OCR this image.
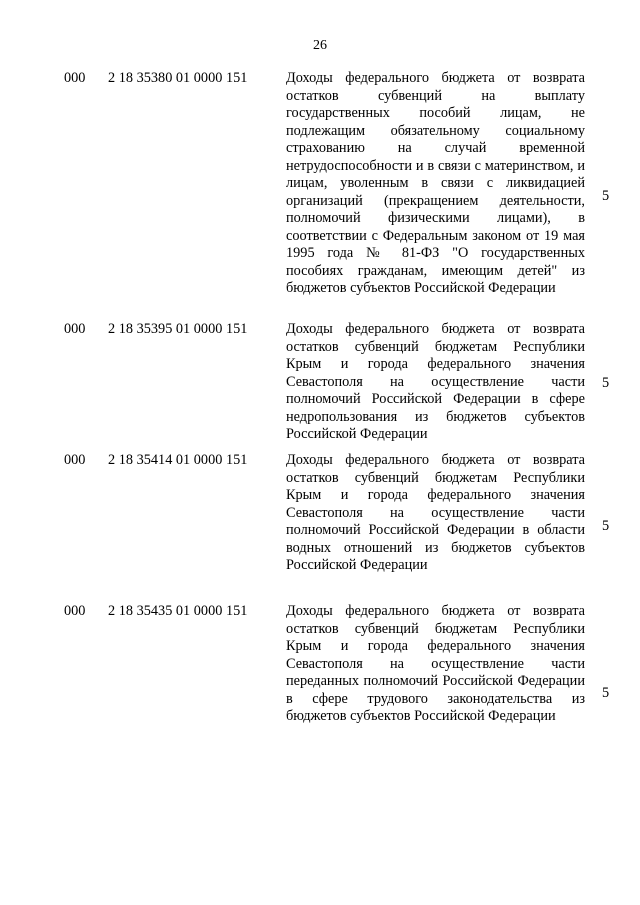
26
000	2 18 35380 01 0000 151	Доходы федерального бюджета от возврата остатков субвенций на выплату государственных пособий лицам, не подлежащим обязательному социальному страхованию на случай временной нетрудоспособности и в связи с материнством, и лицам, уволенным в связи с ликвидацией организаций (прекращением деятельности, полномочий физическими лицами), в соответствии с Федеральным законом от 19 мая 1995 года № 81-ФЗ "О государственных пособиях гражданам, имеющим детей" из бюджетов субъектов Российской Федерации
5
000	2 18 35395 01 0000 151	Доходы федерального бюджета от возврата остатков субвенций бюджетам Республики Крым и города федерального значения Севастополя на осуществление части полномочий Российской Федерации в сфере недропользования из бюджетов субъектов Российской Федерации
5
000	2 18 35414 01 0000 151	Доходы федерального бюджета от возврата остатков субвенций бюджетам Республики Крым и города федерального значения Севастополя на осуществление части полномочий Российской Федерации в области водных отношений из бюджетов субъектов Российской Федерации
5
000	2 18 35435 01 0000 151	Доходы федерального бюджета от возврата остатков субвенций бюджетам Республики Крым и города федерального значения Севастополя на осуществление части переданных полномочий Российской Федерации в сфере трудового законодательства из бюджетов субъектов Российской Федерации
5
